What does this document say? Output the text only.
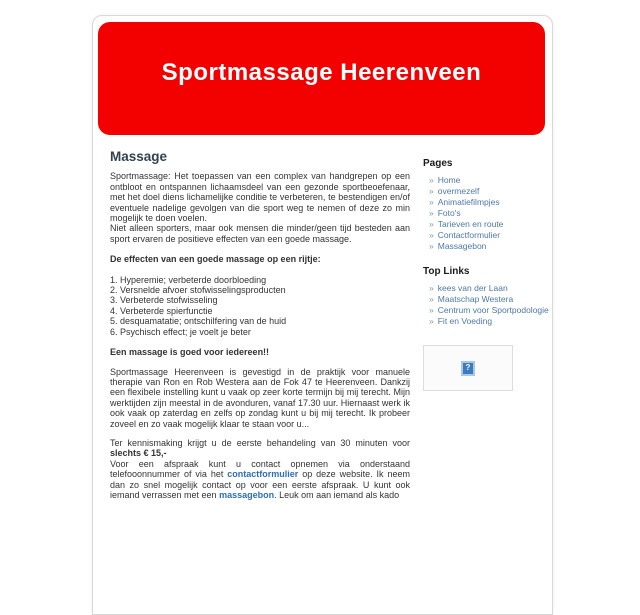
Sportmassage Heerenveen
Massage
Sportmassage: Het toepassen van een complex van handgrepen op een ontbloot en ontspannen lichaamsdeel van een gezonde sportbeoefenaar, met het doel diens lichamelijke conditie te verbeteren, te bestendigen en/of eventuele nadelige gevolgen van die sport weg te nemen of deze zo min mogelijk te doen voelen.
Niet alleen sporters, maar ook mensen die minder/geen tijd besteden aan sport ervaren de positieve effecten van een goede massage.
De effecten van een goede massage op een rijtje:
1. Hyperemie; verbeterde doorbloeding
2. Versnelde afvoer stofwisselingsproducten
3. Verbeterde stofwisseling
4. Verbeterde spierfunctie
5. desquamatatie; ontschilfering van de huid
6. Psychisch effect; je voelt je beter
Een massage is goed voor iedereen!!
Sportmassage Heerenveen is gevestigd in de praktijk voor manuele therapie van Ron en Rob Westera aan de Fok 47 te Heerenveen. Dankzij een flexibele instelling kunt u vaak op zeer korte termijn bij mij terecht. Mijn werktijden zijn meestal in de avonduren, vanaf 17.30 uur. Hiernaast werk ik ook vaak op zaterdag en zelfs op zondag kunt u bij mij terecht. Ik probeer zoveel en zo vaak mogelijk klaar te staan voor u...
Ter kennismaking krijgt u de eerste behandeling van 30 minuten voor slechts € 15,-
Voor een afspraak kunt u contact opnemen via onderstaand telefooonnummer of via het contactformulier op deze website. Ik neem dan zo snel mogelijk contact op voor een eerste afspraak. U kunt ook iemand verrassen met een massagebon. Leuk om aan iemand als kado
Pages
» Home
» overmezelf
» Animatiefilmpjes
» Foto's
» Tarieven en route
» Contactformulier
» Massagebon
Top Links
» kees van der Laan
» Maatschap Westera
» Centrum voor Sportpodologie
» Fit en Voeding
?
